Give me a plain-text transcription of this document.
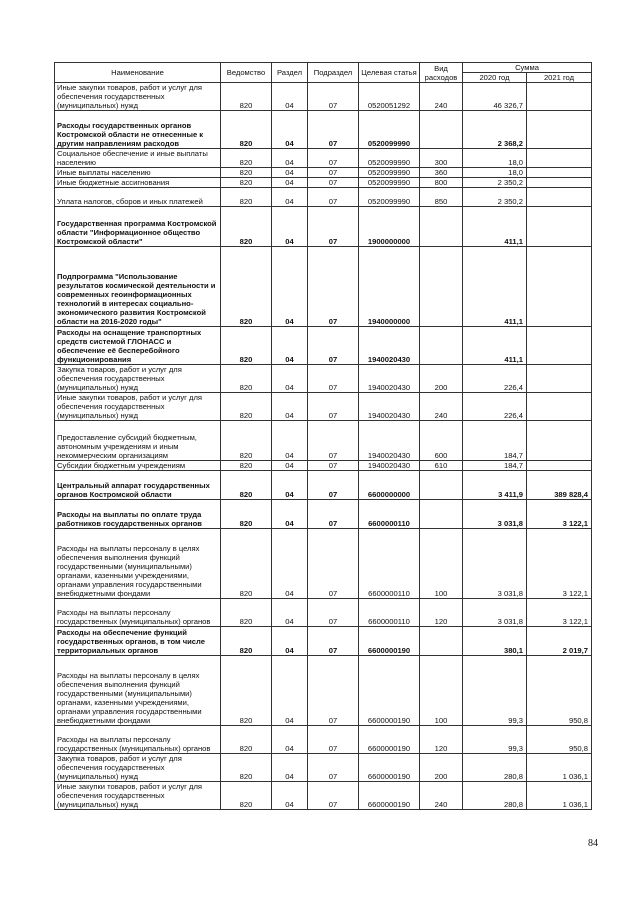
Наименование	Ведомство	Раздел	Подраздел	Целевая статья	Вид расходов	Сумма	
						2020 год	2021 год
Иные закупки товаров, работ и услуг для обеспечения государственных (муниципальных) нужд	820	04	07	0520051292	240	46 326,7	
Расходы государственных органов Костромской области не отнесенные к другим направлениям расходов	820	04	07	0520099990		2 368,2	
Социальное обеспечение и иные выплаты населению	820	04	07	0520099990	300	18,0	
Иные выплаты населению	820	04	07	0520099990	360	18,0	
Иные бюджетные ассигнования	820	04	07	0520099990	800	2 350,2	
Уплата налогов, сборов и иных платежей	820	04	07	0520099990	850	2 350,2	
Государственная программа Костромской области "Информационное общество Костромской области"	820	04	07	1900000000		411,1	
Подпрограмма "Использование результатов космической деятельности и современных геоинформационных технологий в интересах социально-экономического развития Костромской области на 2016-2020 годы"	820	04	07	1940000000		411,1	
Расходы на оснащение транспортных средств системой ГЛОНАСС и обеспечение её бесперебойного функционирования	820	04	07	1940020430		411,1	
Закупка товаров, работ и услуг для обеспечения государственных (муниципальных) нужд	820	04	07	1940020430	200	226,4	
Иные закупки товаров, работ и услуг для обеспечения государственных (муниципальных) нужд	820	04	07	1940020430	240	226,4	
Предоставление субсидий бюджетным, автономным учреждениям и иным некоммерческим организациям	820	04	07	1940020430	600	184,7	
Субсидии бюджетным учреждениям	820	04	07	1940020430	610	184,7	
Центральный аппарат государственных органов Костромской области	820	04	07	6600000000		3 411,9	389 828,4
Расходы на выплаты по оплате труда работников государственных органов	820	04	07	6600000110		3 031,8	3 122,1
Расходы на выплаты персоналу в целях обеспечения выполнения функций государственными (муниципальными) органами, казенными учреждениями, органами управления государственными внебюджетными фондами	820	04	07	6600000110	100	3 031,8	3 122,1
Расходы на выплаты персоналу государственных (муниципальных) органов	820	04	07	6600000110	120	3 031,8	3 122,1
Расходы на обеспечение функций государственных органов, в том числе территориальных органов	820	04	07	6600000190		380,1	2 019,7
Расходы на выплаты персоналу в целях обеспечения выполнения функций государственными (муниципальными) органами, казенными учреждениями, органами управления государственными внебюджетными фондами	820	04	07	6600000190	100	99,3	950,8
Расходы на выплаты персоналу государственных (муниципальных) органов	820	04	07	6600000190	120	99,3	950,8
Закупка товаров, работ и услуг для обеспечения государственных (муниципальных) нужд	820	04	07	6600000190	200	280,8	1 036,1
Иные закупки товаров, работ и услуг для обеспечения государственных (муниципальных) нужд	820	04	07	6600000190	240	280,8	1 036,1
84
